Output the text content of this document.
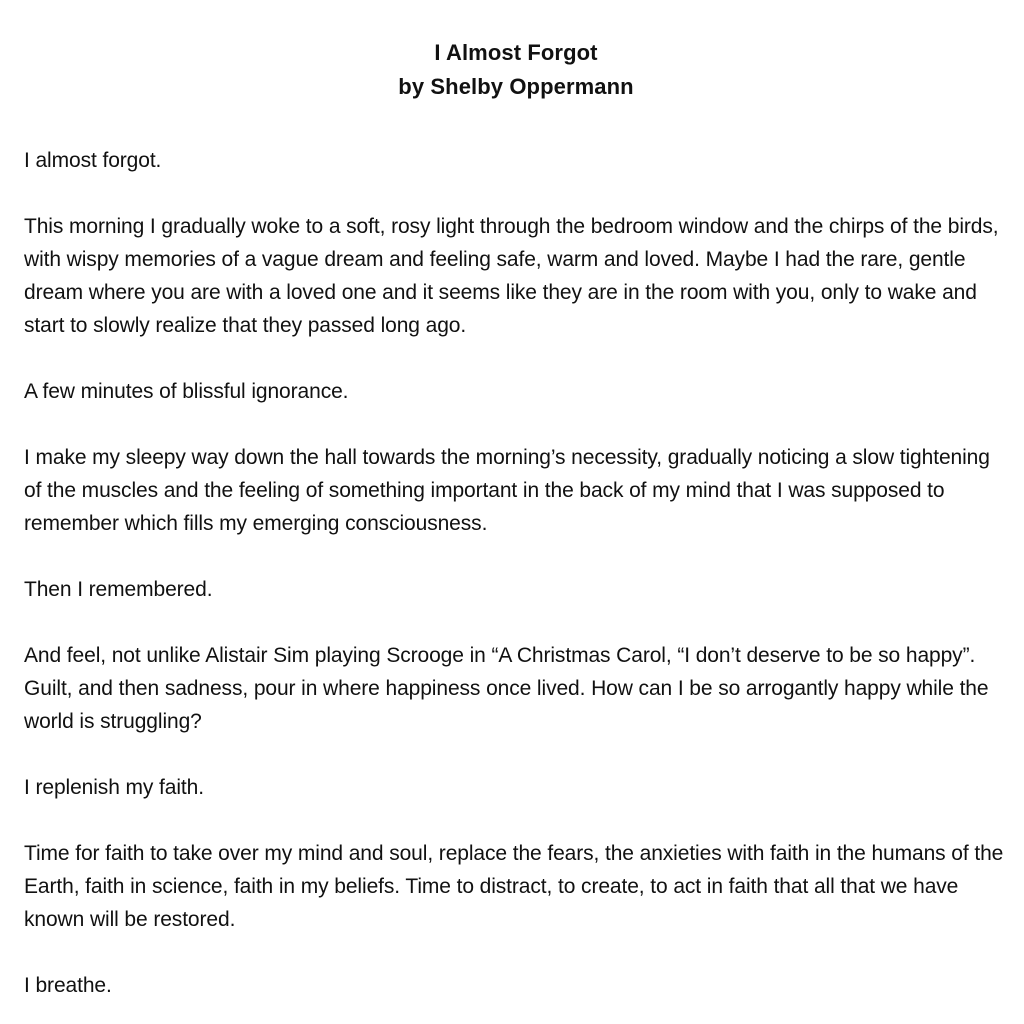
I Almost Forgot
by Shelby Oppermann

I almost forgot.

This morning I gradually woke to a soft, rosy light through the bedroom window and the chirps of the birds, with wispy memories of a vague dream and feeling safe, warm and loved. Maybe I had the rare, gentle dream where you are with a loved one and it seems like they are in the room with you, only to wake and start to slowly realize that they passed long ago.

A few minutes of blissful ignorance.

I make my sleepy way down the hall towards the morning’s necessity, gradually noticing a slow tightening of the muscles and the feeling of something important in the back of my mind that I was supposed to remember which fills my emerging consciousness.

Then I remembered.

And feel, not unlike Alistair Sim playing Scrooge in “A Christmas Carol, “I don’t deserve to be so happy”. Guilt, and then sadness, pour in where happiness once lived. How can I be so arrogantly happy while the world is struggling?

I replenish my faith.

Time for faith to take over my mind and soul, replace the fears, the anxieties with faith in the humans of the Earth, faith in science, faith in my beliefs. Time to distract, to create, to act in faith that all that we have known will be restored.

I breathe.
